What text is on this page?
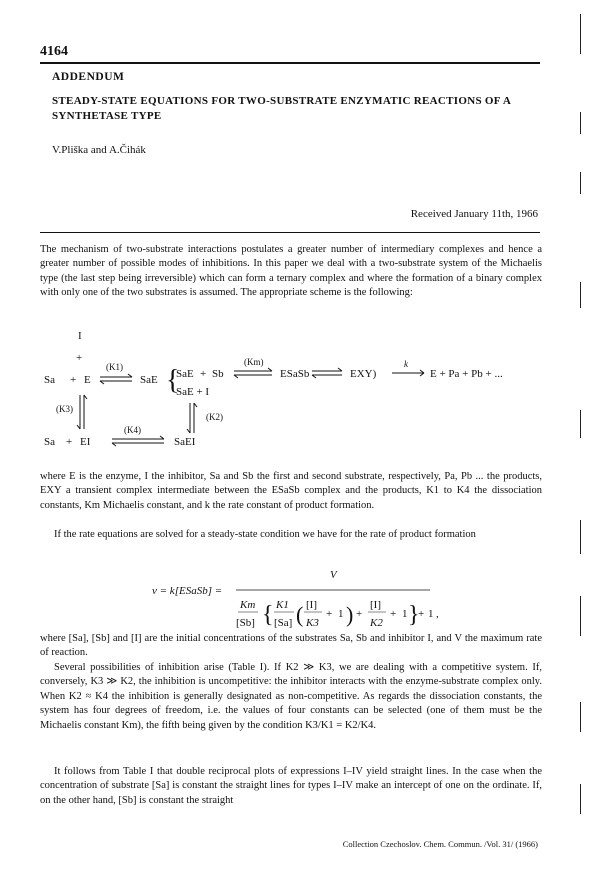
4164
ADDENDUM
STEADY-STATE EQUATIONS FOR TWO-SUBSTRATE ENZYMATIC REACTIONS OF A SYNTHETASE TYPE
V.Pliška and A.Čihák
Received January 11th, 1966
The mechanism of two-substrate interactions postulates a greater number of intermediary complexes and hence a greater number of possible modes of inhibitions. In this paper we deal with a two-substrate system of the Michaelis type (the last step being irreversible) which can form a ternary complex and where the formation of a binary complex with only one of the two substrates is assumed. The appropriate scheme is the following:
I
+
Sa + E
(K1)
SaE {
SaE + Sb
(Km)
ESaSb	EXY)
k
E + Pa + Pb + ...
SaE + I
(K3)
(K2)
Sa + EI
(K4)
SaEI
where E is the enzyme, I the inhibitor, Sa and Sb the first and second substrate, respectively, Pa, Pb ... the products, EXY a transient complex intermediate between the ESaSb complex and the products, K1 to K4 the dissociation constants, Km Michaelis constant, and k the rate constant of product formation.
If the rate equations are solved for a steady-state condition we have for the rate of product formation
v = k[ESaSb] =
V
Km
[Sb] { K1
[Sa] ( [I]
K3
+ 1 ) +
[I]
K2
+ 1 }
+ 1 ,
where [Sa], [Sb] and [I] are the initial concentrations of the substrates Sa, Sb and inhibitor I, and V the maximum rate of reaction.
Several possibilities of inhibition arise (Table I). If K2 ≫ K3, we are dealing with a competitive system. If, conversely, K3 ≫ K2, the inhibition is uncompetitive: the inhibitor interacts with the enzyme-substrate complex only. When K2 ≈ K4 the inhibition is generally designated as non-competitive. As regards the dissociation constants, the system has four degrees of freedom, i.e. the values of four constants can be selected (one of them must be the Michaelis constant Km), the fifth being given by the condition K3/K1 = K2/K4.
It follows from Table I that double reciprocal plots of expressions I–IV yield straight lines. In the case when the concentration of substrate [Sa] is constant the straight lines for types I–IV make an intercept of one on the ordinate. If, on the other hand, [Sb] is constant the straight
Collection Czechoslov. Chem. Commun. /Vol. 31/ (1966)
